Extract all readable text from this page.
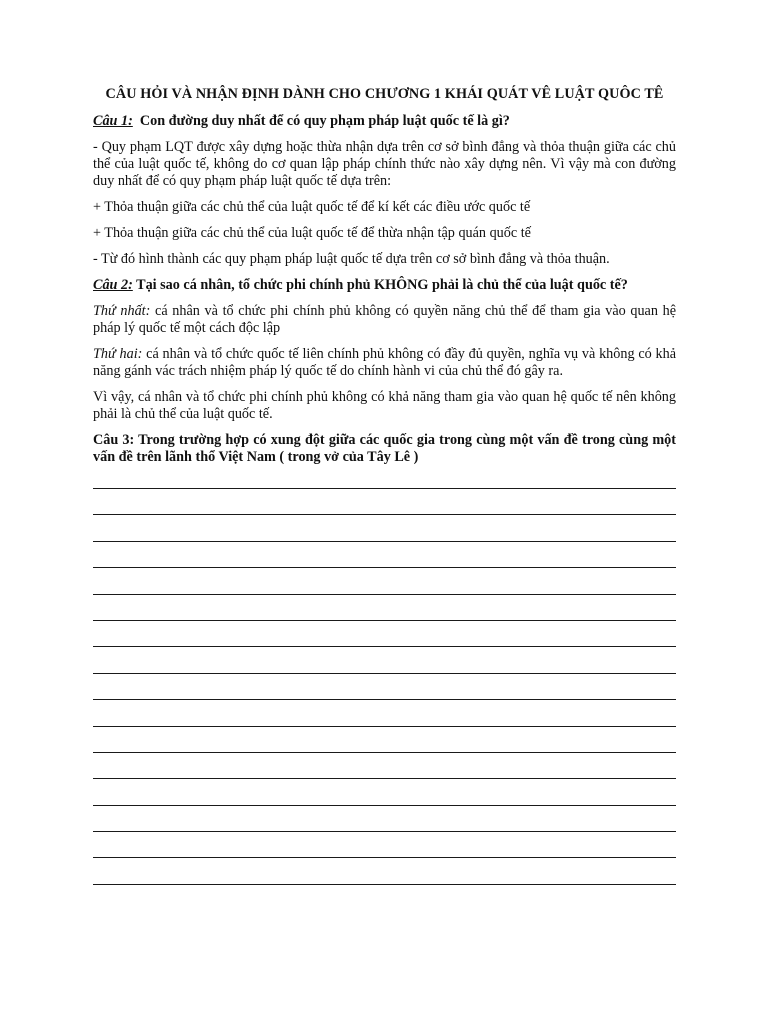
CÂU HỎI VÀ NHẬN ĐỊNH DÀNH CHO CHƯƠNG 1 KHÁI QUÁT VÊ LUẬT QUÔC TÊ
Câu 1: Con đường duy nhất để có quy phạm pháp luật quốc tế là gì?
- Quy phạm LQT được xây dựng hoặc thừa nhận dựa trên cơ sở bình đẳng và thỏa thuận giữa các chủ thể của luật quốc tế, không do cơ quan lập pháp chính thức nào xây dựng nên. Vì vậy mà con đường duy nhất để có quy phạm pháp luật quốc tế dựa trên:
+ Thỏa thuận giữa các chủ thể của luật quốc tế để kí kết các điều ước quốc tế
+ Thỏa thuận giữa các chủ thể của luật quốc tế để thừa nhận tập quán quốc tế
- Từ đó hình thành các quy phạm pháp luật quốc tế dựa trên cơ sở bình đẳng và thỏa thuận.
Câu 2: Tại sao cá nhân, tổ chức phi chính phủ KHÔNG phải là chủ thể của luật quốc tế?
Thứ nhất: cá nhân và tổ chức phi chính phủ không có quyền năng chủ thể để tham gia vào quan hệ pháp lý quốc tế một cách độc lập
Thứ hai: cá nhân và tổ chức quốc tế liên chính phủ không có đầy đủ quyền, nghĩa vụ và không có khả năng gánh vác trách nhiệm pháp lý quốc tế do chính hành vi của chủ thể đó gây ra.
Vì vậy, cá nhân và tổ chức phi chính phủ không có khả năng tham gia vào quan hệ quốc tế nên không phải là chủ thể của luật quốc tế.
Câu 3: Trong trường hợp có xung đột giữa các quốc gia trong cùng một vấn đề trong cùng một vấn đề trên lãnh thổ Việt Nam ( trong vở của Tây Lê )
